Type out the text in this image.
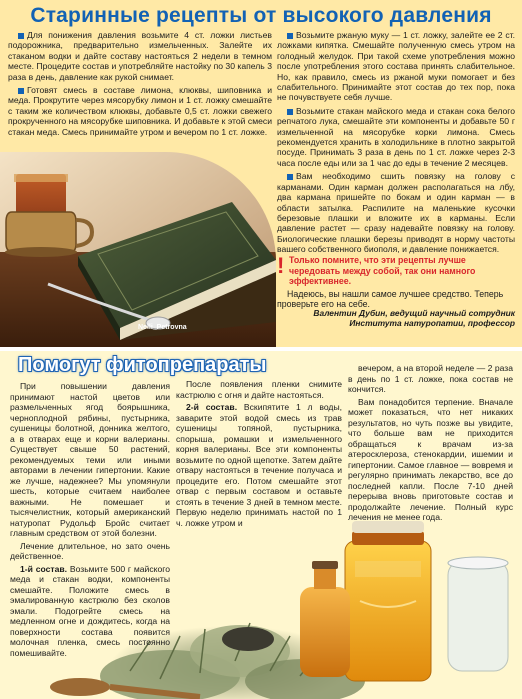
Старинные рецепты от высокого давления

Для понижения давления возьмите 4 ст. ложки листьев подорожника, предварительно измельченных. Залейте их стаканом водки и дайте составу настояться 2 недели в темном месте. Процедите состав и употребляйте настойку по 30 капель 3 раза в день, давление как рукой снимает.

Готовят смесь в составе лимона, клюквы, шиповника и меда. Прокрутите через мясорубку лимон и 1 ст. ложку смешайте с таким же количеством клюквы, добавьте 0,5 ст. ложки свежего прокрученного на мясорубке шиповника. И добавьте к этой смеси стакан меда. Смесь принимайте утром и вечером по 1 ст. ложке.

Nelli_Petrovna

Возьмите ржаную муку — 1 ст. ложку, залейте ее 2 ст. ложками кипятка. Смешайте полученную смесь утром на голодный желудок. При такой схеме употребления можно после употребления этого состава принять слабительное. Но, как правило, смесь из ржаной муки помогает и без слабительного. Принимайте этот состав до тех пор, пока не почувствуете себя лучше.

Возьмите стакан майского меда и стакан сока белого репчатого лука, смешайте эти компоненты и добавьте 50 г измельченной на мясорубке корки лимона. Смесь рекомендуется хранить в холодильнике в плотно закрытой посуде. Принимать 3 раза в день по 1 ст. ложке через 2-3 часа после еды или за 1 час до еды в течение 2 месяцев.

Вам необходимо сшить повязку на голову с карманами. Один карман должен располагаться на лбу, два кармана пришейте по бокам и один карман — в области затылка. Распилите на маленькие кусочки березовые плашки и вложите их в карманы. Если давление растет — сразу надевайте повязку на голову. Биологические плашки березы приводят в норму частоты вашего собственного биополя, и давление понижается.

! Только помните, что эти рецепты лучше чередовать между собой, так они намного эффективнее.
Надеюсь, вы нашли самое лучшее средство. Теперь проверьте его на себе.
Валентин Дубин, ведущий научный сотрудник Института натуропатии, профессор
Помогут фитопрепараты

При повышении давления принимают настой цветов или размельченных ягод боярышника, черноплодной рябины, пустырника, сушеницы болотной, донника желтого, а в отварах еще и корни валерианы. Существует свыше 50 растений, рекомендуемых теми или иными авторами в лечении гипертонии. Какие же лучше, надежнее? Мы упомянули шесть, которые считаем наиболее важными. Не помешает и тысячелистник, который американский натуропат Рудольф Бройс считает главным средством от этой болезни.

Лечение длительное, но зато очень действенное.

1-й состав. Возьмите 500 г майского меда и стакан водки, компоненты смешайте. Положите смесь в эмалированную кастрюлю без сколов эмали. Подогрейте смесь на медленном огне и дождитесь, когда на поверхности состава появится молочная пленка, смесь постоянно помешивайте.

После появления пленки снимите кастрюлю с огня и дайте настояться.

2-й состав. Вскипятите 1 л воды, заварите этой водой смесь из трав сушеницы топяной, пустырника, спорыша, ромашки и измельченного корня валерианы. Все эти компоненты возьмите по одной щепотке. Затем дайте отвару настояться в течение получаса и процедите его. Потом смешайте этот отвар с первым составом и оставьте стоять в течение 3 дней в темном месте. Первую неделю принимать настой по 1 ч. ложке утром и

вечером, а на второй неделе — 2 раза в день по 1 ст. ложке, пока состав не кончится.

Вам понадобится терпение. Вначале может показаться, что нет никаких результатов, но чуть позже вы увидите, что больше вам не приходится обращаться к врачам из-за атеросклероза, стенокардии, ишемии и гипертонии. Самое главное — вовремя и регулярно принимать лекарство, все до последней капли. После 7-10 дней перерыва вновь приготовьте состав и продолжайте лечение. Полный курс лечения не менее года.
